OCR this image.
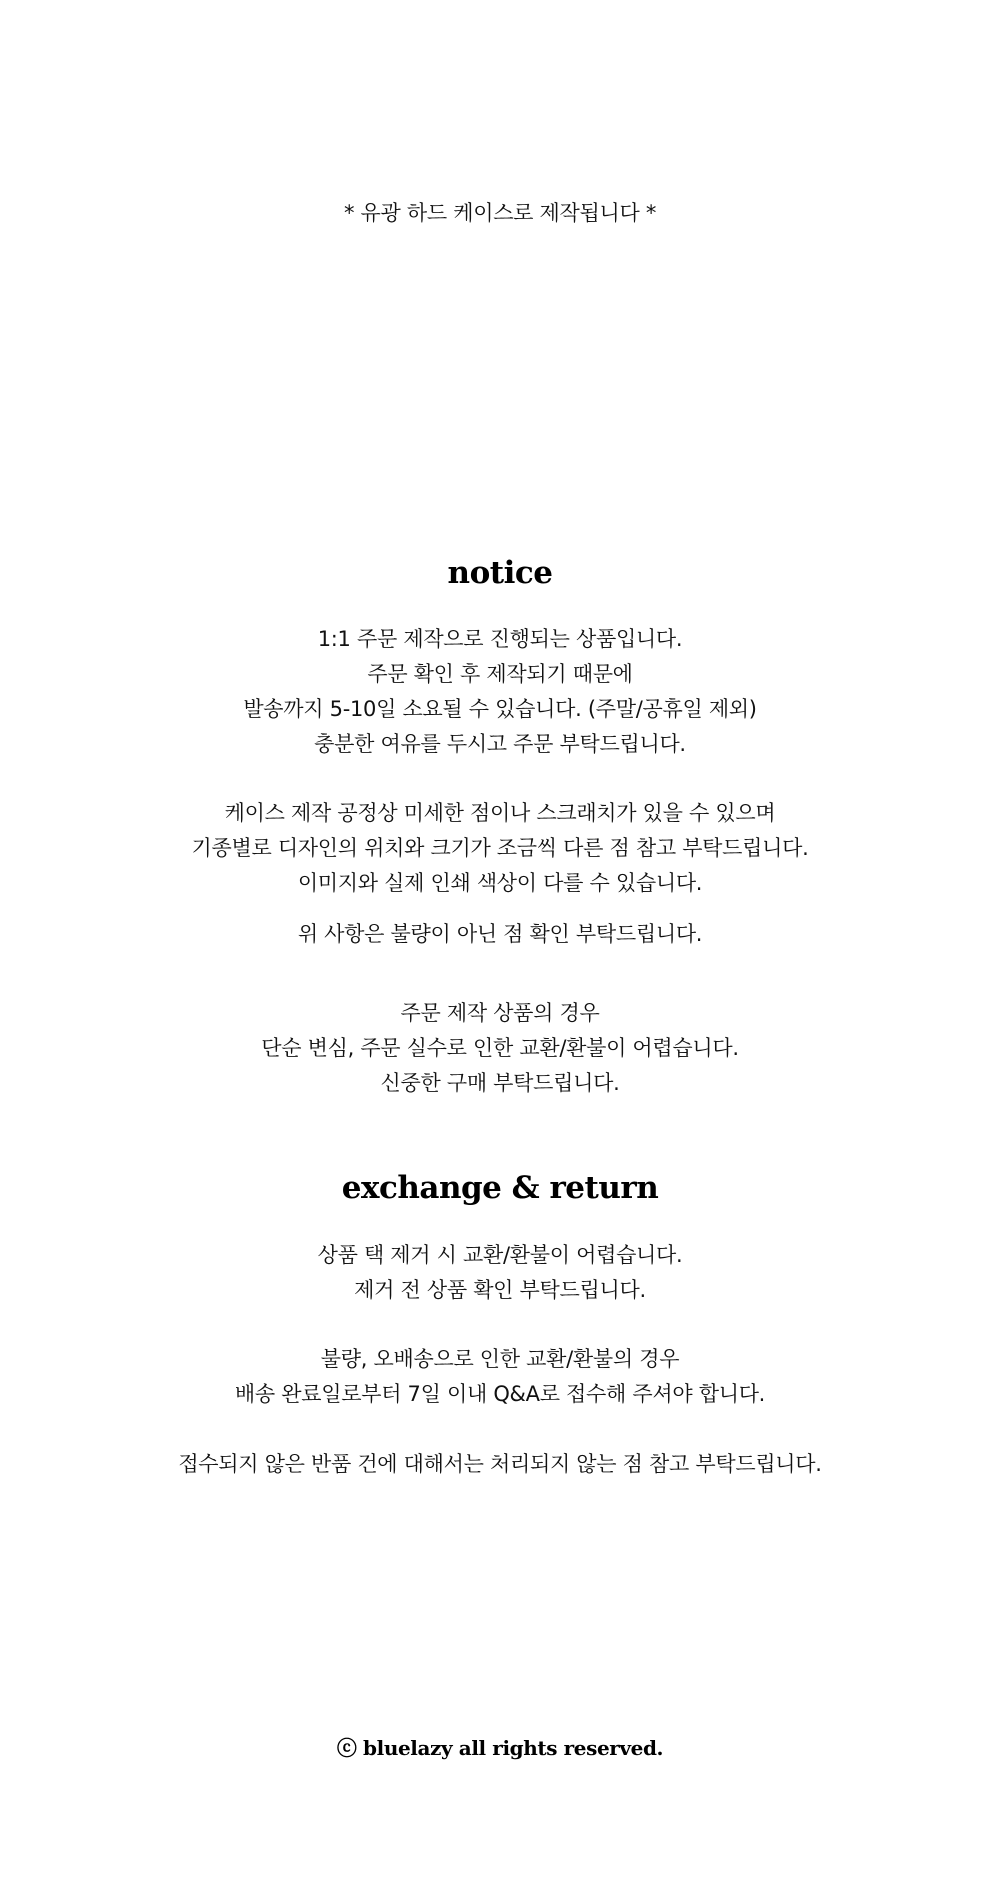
* 유광 하드 케이스로 제작됩니다 *
notice
1:1 주문 제작으로 진행되는 상품입니다.
주문 확인 후 제작되기 때문에
발송까지 5-10일 소요될 수 있습니다. (주말/공휴일 제외)
충분한 여유를 두시고 주문 부탁드립니다.
케이스 제작 공정상 미세한 점이나 스크래치가 있을 수 있으며
기종별로 디자인의 위치와 크기가 조금씩 다른 점 참고 부탁드립니다.
이미지와 실제 인쇄 색상이 다를 수 있습니다.
위 사항은 불량이 아닌 점 확인 부탁드립니다.
주문 제작 상품의 경우
단순 변심, 주문 실수로 인한 교환/환불이 어렵습니다.
신중한 구매 부탁드립니다.
exchange & return
상품 택 제거 시 교환/환불이 어렵습니다.
제거 전 상품 확인 부탁드립니다.
불량, 오배송으로 인한 교환/환불의 경우
배송 완료일로부터 7일 이내 Q&A로 접수해 주셔야 합니다.
접수되지 않은 반품 건에 대해서는 처리되지 않는 점 참고 부탁드립니다.
ⓒ bluelazy all rights reserved.
